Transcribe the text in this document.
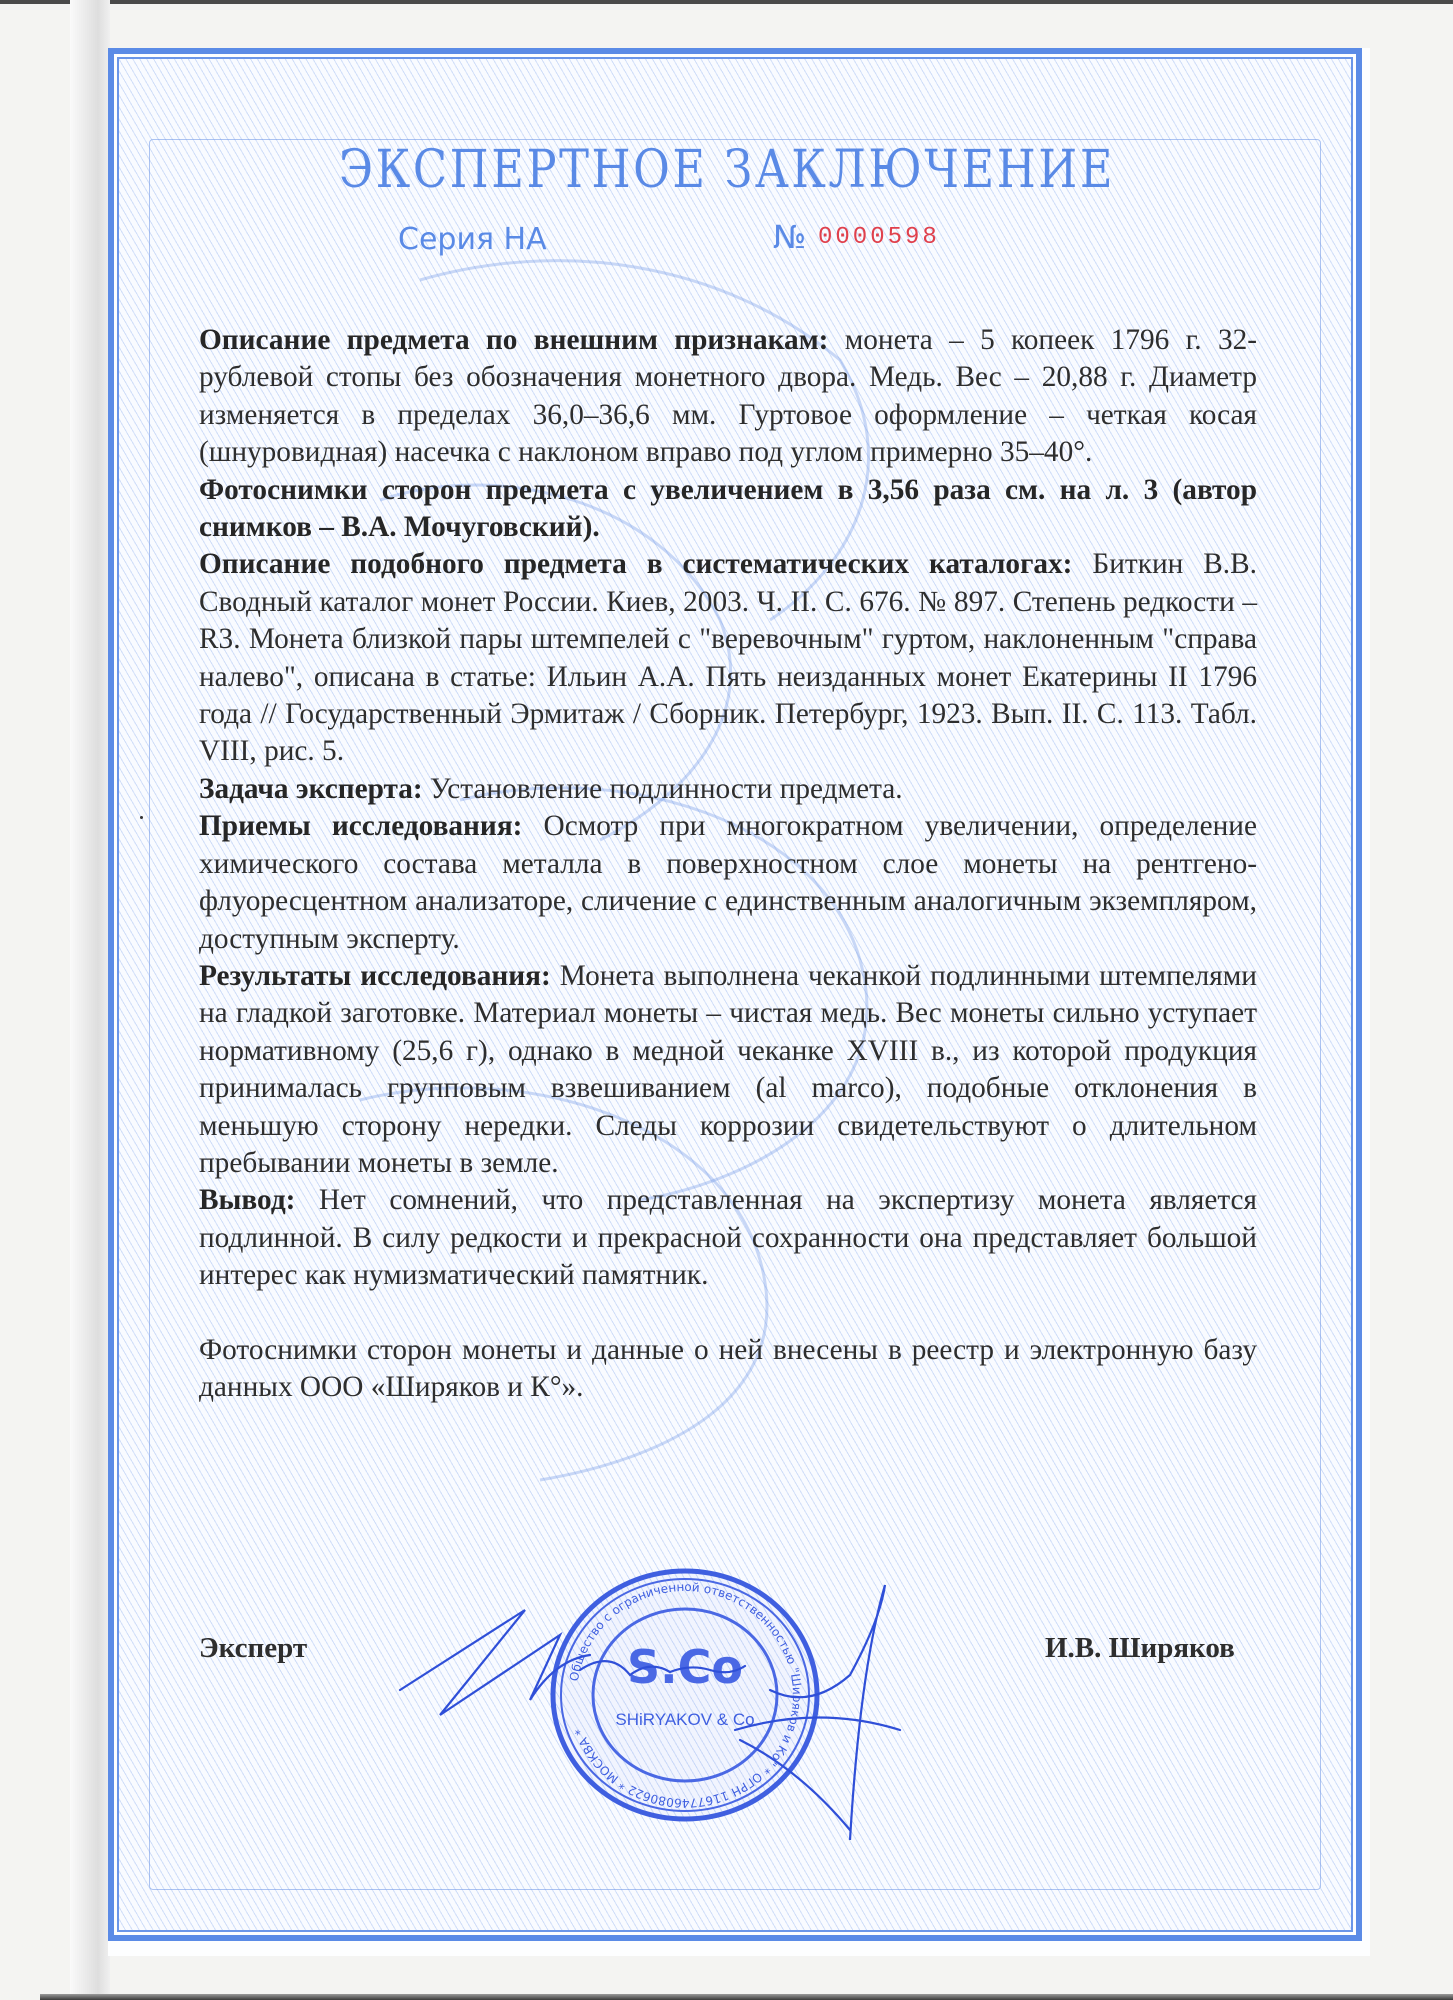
ЭКСПЕРТНОЕ ЗАКЛЮЧЕНИЕ
Серия НА	№ 0000598

Описание предмета по внешним признакам: монета – 5 копеек 1796 г. 32-рублевой стопы без обозначения монетного двора. Медь. Вес – 20,88 г. Диаметр изменяется в пределах 36,0–36,6 мм. Гуртовое оформление – четкая косая (шнуровидная) насечка с наклоном вправо под углом примерно 35–40°.

Фотоснимки сторон предмета с увеличением в 3,56 раза см. на л. 3 (автор снимков – В.А. Мочуговский).

Описание подобного предмета в систематических каталогах: Биткин В.В. Сводный каталог монет России. Киев, 2003. Ч. II. С. 676. № 897. Степень редкости – R3. Монета близкой пары штемпелей с "веревочным" гуртом, наклоненным "справа налево", описана в статье: Ильин А.А. Пять неизданных монет Екатерины II 1796 года // Государственный Эрмитаж / Сборник. Петербург, 1923. Вып. II. С. 113. Табл. VIII, рис. 5.

Задача эксперта: Установление подлинности предмета.

Приемы исследования: Осмотр при многократном увеличении, определение химического состава металла в поверхностном слое монеты на рентгено-флуоресцентном анализаторе, сличение с единственным аналогичным экземпляром, доступным эксперту.

Результаты исследования: Монета выполнена чеканкой подлинными штемпелями на гладкой заготовке. Материал монеты – чистая медь. Вес монеты сильно уступает нормативному (25,6 г), однако в медной чеканке XVIII в., из которой продукция принималась групповым взвешиванием (al marco), подобные отклонения в меньшую сторону нередки. Следы коррозии свидетельствуют о длительном пребывании монеты в земле.

Вывод: Нет сомнений, что представленная на экспертизу монета является подлинной. В силу редкости и прекрасной сохранности она представляет большой интерес как нумизматический памятник.

Фотоснимки сторон монеты и данные о ней внесены в реестр и электронную базу данных ООО «Ширяков и К°».

Эксперт	И.В. Ширяков
Общество с ограниченной ответственностью "Ширяков и Ко" * ОГРН 1167746080622 * МОСКВА *
S.Co
SHiRYAKOV & Co
